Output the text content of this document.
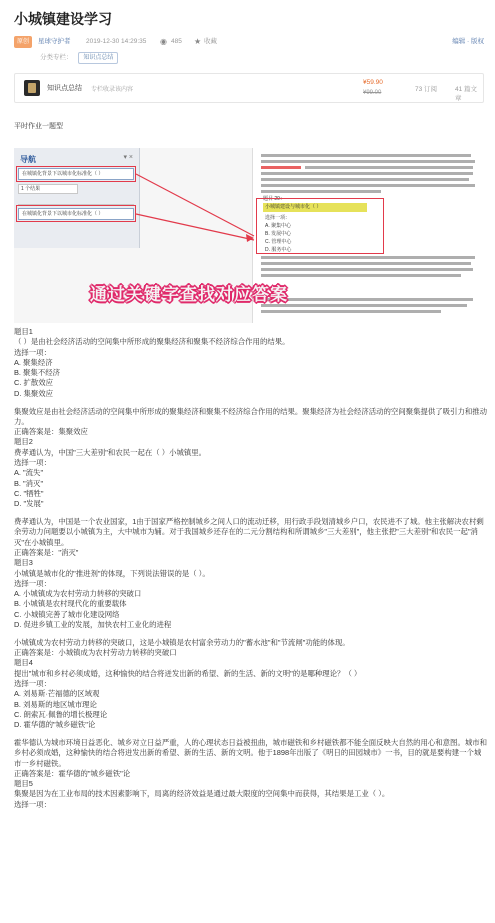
小城镇建设学习
原创	星球守护者 2019-12-30 14:29:35 ◉ 485 ★ 收藏	编辑 · 版权
分类专栏： 知识点总结
知识点总结 专栏收录该内容
¥59.90
¥99.00	73 订阅	41 篇文章
平时作业一题型
导航	▾ ×
在城镇化背景下以城市化标准化（ ）
1 个结果
在城镇化背景下以城市化标准化（ ）
题目 29：
小城镇建设与城市化（ ）
选择一项：
A. 聚集中心
B. 发展中心
C. 管理中心
D. 服务中心
通过关键字查找对应答案

题目1

（ ）是由社会经济活动的空间集中所形成的聚集经济和聚集不经济综合作用的结果。

选择一项：

A. 聚集经济

B. 聚集不经济

C. 扩散效应

D. 集聚效应

集聚效应是由社会经济活动的空间集中所形成的聚集经济和聚集不经济综合作用的结果。聚集经济为社会经济活动的空间聚集提供了吸引力和推动力。

正确答案是：集聚效应

题目2

费孝通认为，中国"三大差别"和农民一起在（ ）小城镇里。

选择一项：

A. "流失"

B. "消灭"

C. "牺牲"

D. "发展"

费孝通认为，中国是一个农业国家，1由于国家严格控制城乡之间人口的流动迁移，用行政手段划清城乡户口，农民进不了城。他主张解决农村剩余劳动力问题要以小城镇为主，大中城市为辅。对于我国城乡还存在的二元分割结构和所谓城乡"三大差别"，他主张把"三大差别"和农民一起"消灭"在小城镇里。

正确答案是："消灭"

题目3

小城镇是城市化的"推进剂"的体现，下列说法错误的是（ ）。

选择一项：

A. 小城镇成为农村劳动力转移的突破口

B. 小城镇是农村现代化的重要载体

C. 小城镇完善了城市化建设网络

D. 促进乡镇工业的发展，加快农村工业化的进程

小城镇成为农村劳动力转移的突破口，这是小城镇是农村富余劳动力的"蓄水池"和"节流闸"功能的体现。

正确答案是：小城镇成为农村劳动力转移的突破口

题目4

提出"城市和乡村必须成婚，这种愉快的结合将迸发出新的希望、新的生活、新的文明"的是哪种理论？（ ）

选择一项：

A. 刘易斯·芒福德的区域观

B. 刘易斯的地区城市理论

C. 朗索瓦·佩鲁的增长极理论

D. 霍华德的"城乡磁铁"论

霍华德认为城市环境日益恶化、城乡对立日益严重，人的心理状态日益被扭曲，城市磁铁和乡村磁铁都不能全面反映大自然的用心和意图。城市和乡村必须成婚，这种愉快的结合将迸发出新的希望、新的生活、新的文明。他于1898年出版了《明日的田园城市》一书，目的就是要构建一个城市一乡村磁铁。

正确答案是：霍华德的"城乡磁铁"论

题目5

集聚是因为在工业布局的技术因素影响下，局离的经济效益是通过最大限度的空间集中而获得，其结果是工业（ ）。

选择一项：
